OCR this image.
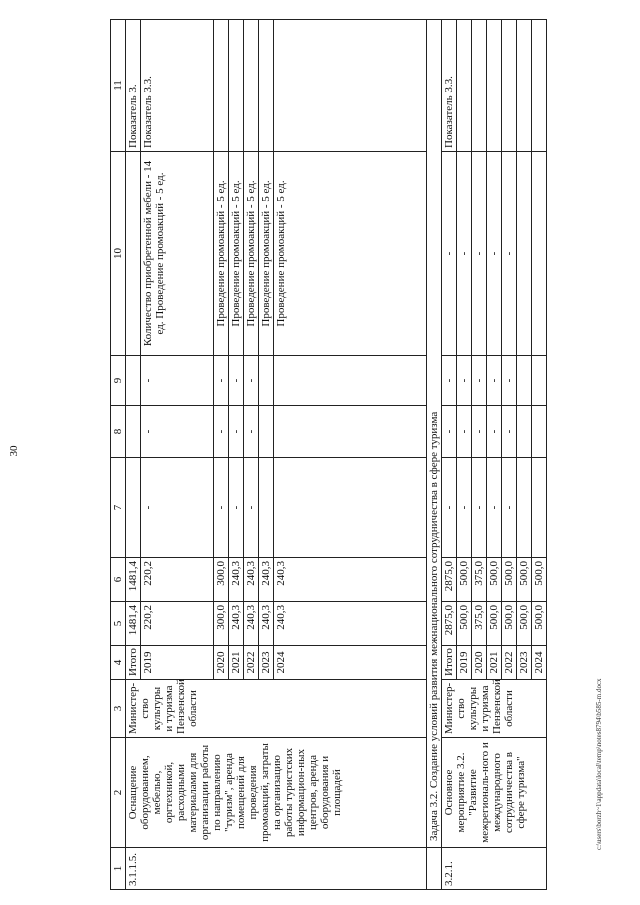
30
c:\users\borzh~1\appdata\local\temp\notes8794\b585-m.docx
1	2	3	4	5	6	7	8	9	10	11
3.1.1.5.	Оснащение оборудованием, мебелью, оргтехникой, расходными материалами для организации работы по направлению "туризм", аренда помещений для проведения промоакций, затраты на организацию работы туристских информацион-ных центров, аренда оборудования и площадей	Министер-ство культуры и туризма Пензенской области	Итого	1481,4	1481,4					Показатель 3.
			2019	220,2	220,2	-	-	-	Количество приобретенной мебели - 14 ед. Проведение промоакций - 5 ед.	Показатель 3.3.
			2020	300,0	300,0	-	-	-	Проведение промоакций - 5 ед.	
			2021	240,3	240,3	-	-	-	Проведение промоакций - 5 ед.	
			2022	240,3	240,3	-	-	-	Проведение промоакций - 5 ед.	
			2023	240,3	240,3				Проведение промоакций - 5 ед.	
			2024	240,3	240,3				Проведение промоакций - 5 ед.	
	Задача 3.2. Создание условий развития межнационального сотрудничества в сфере туризма									
3.2.1.	Основное мероприятие 3.2. "Развитие межрегиональ-ного и международного сотрудничества в сфере туризма"	Министер-ство культуры и туризма Пензенской области	Итого	2875,0	2875,0	-	-	-	-	Показатель 3.3.
			2019	500,0	500,0	-	-	-	-	
			2020	375,0	375,0	-	-	-	-	
			2021	500,0	500,0	-	-	-	-	
			2022	500,0	500,0	-	-	-	-	
			2023	500,0	500,0					
			2024	500,0	500,0					
